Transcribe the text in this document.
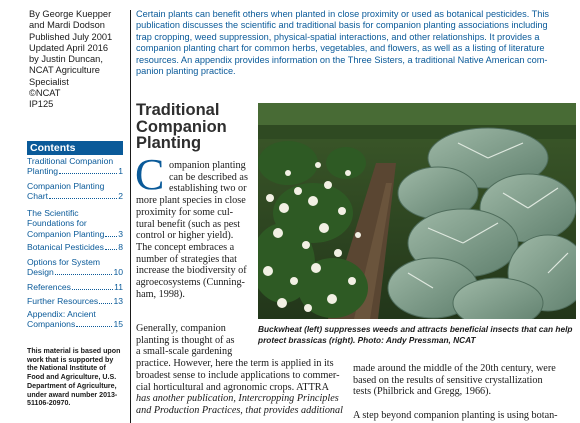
By George Kuepper
and Mardi Dodson
Published July 2001
Updated April 2016
by Justin Duncan,
NCAT Agriculture
Specialist
©NCAT
IP125
Contents
Traditional Companion
Planting	1
Companion Planting
Chart	2
The Scientific
Foundations for
Companion Planting 3
Botanical Pesticides 8
Options for System
Design	10
References	11
Further Resources 13
Appendix: Ancient
Companions	15
This material is based upon
work that is supported by
the National Institute of
Food and Agriculture, U.S.
Department of Agriculture,
under award number 2013-
51106-20970.
Certain plants can benefit others when planted in close proximity or used as botanical pesticides. This
publication discusses the scientific and traditional basis for companion planting associations including
trap cropping, weed suppression, physical-spatial interactions, and other relationships. It provides a
companion planting chart for common herbs, vegetables, and flowers, as well as a listing of literature
resources. An appendix provides information on the Three Sisters, a traditional Native American com-
panion planting practice.
Traditional
Companion
Planting
C ompanion planting
can be described as
establishing two or
more plant species in close
proximity for some cul-
tural benefit (such as pest
control or higher yield).
The concept embraces a
number of strategies that
increase the biodiversity of
agroecosystems (Cunning-
ham, 1998).
Generally, companion
planting is thought of as
a small-scale gardening
practice. However, here the term is applied in its
broadest sense to include applications to commer-
cial horticultural and agronomic crops. ATTRA
has another publication, Intercropping Principles
and Production Practices, that provides additional
made around the middle of the 20th century, were
based on the results of sensitive crystallization
tests (Philbrick and Gregg, 1966).
A step beyond companion planting is using botan-
Buckwheat (left) suppresses weeds and attracts beneficial insects that can help
protect brassicas (right). Photo: Andy Pressman, NCAT
